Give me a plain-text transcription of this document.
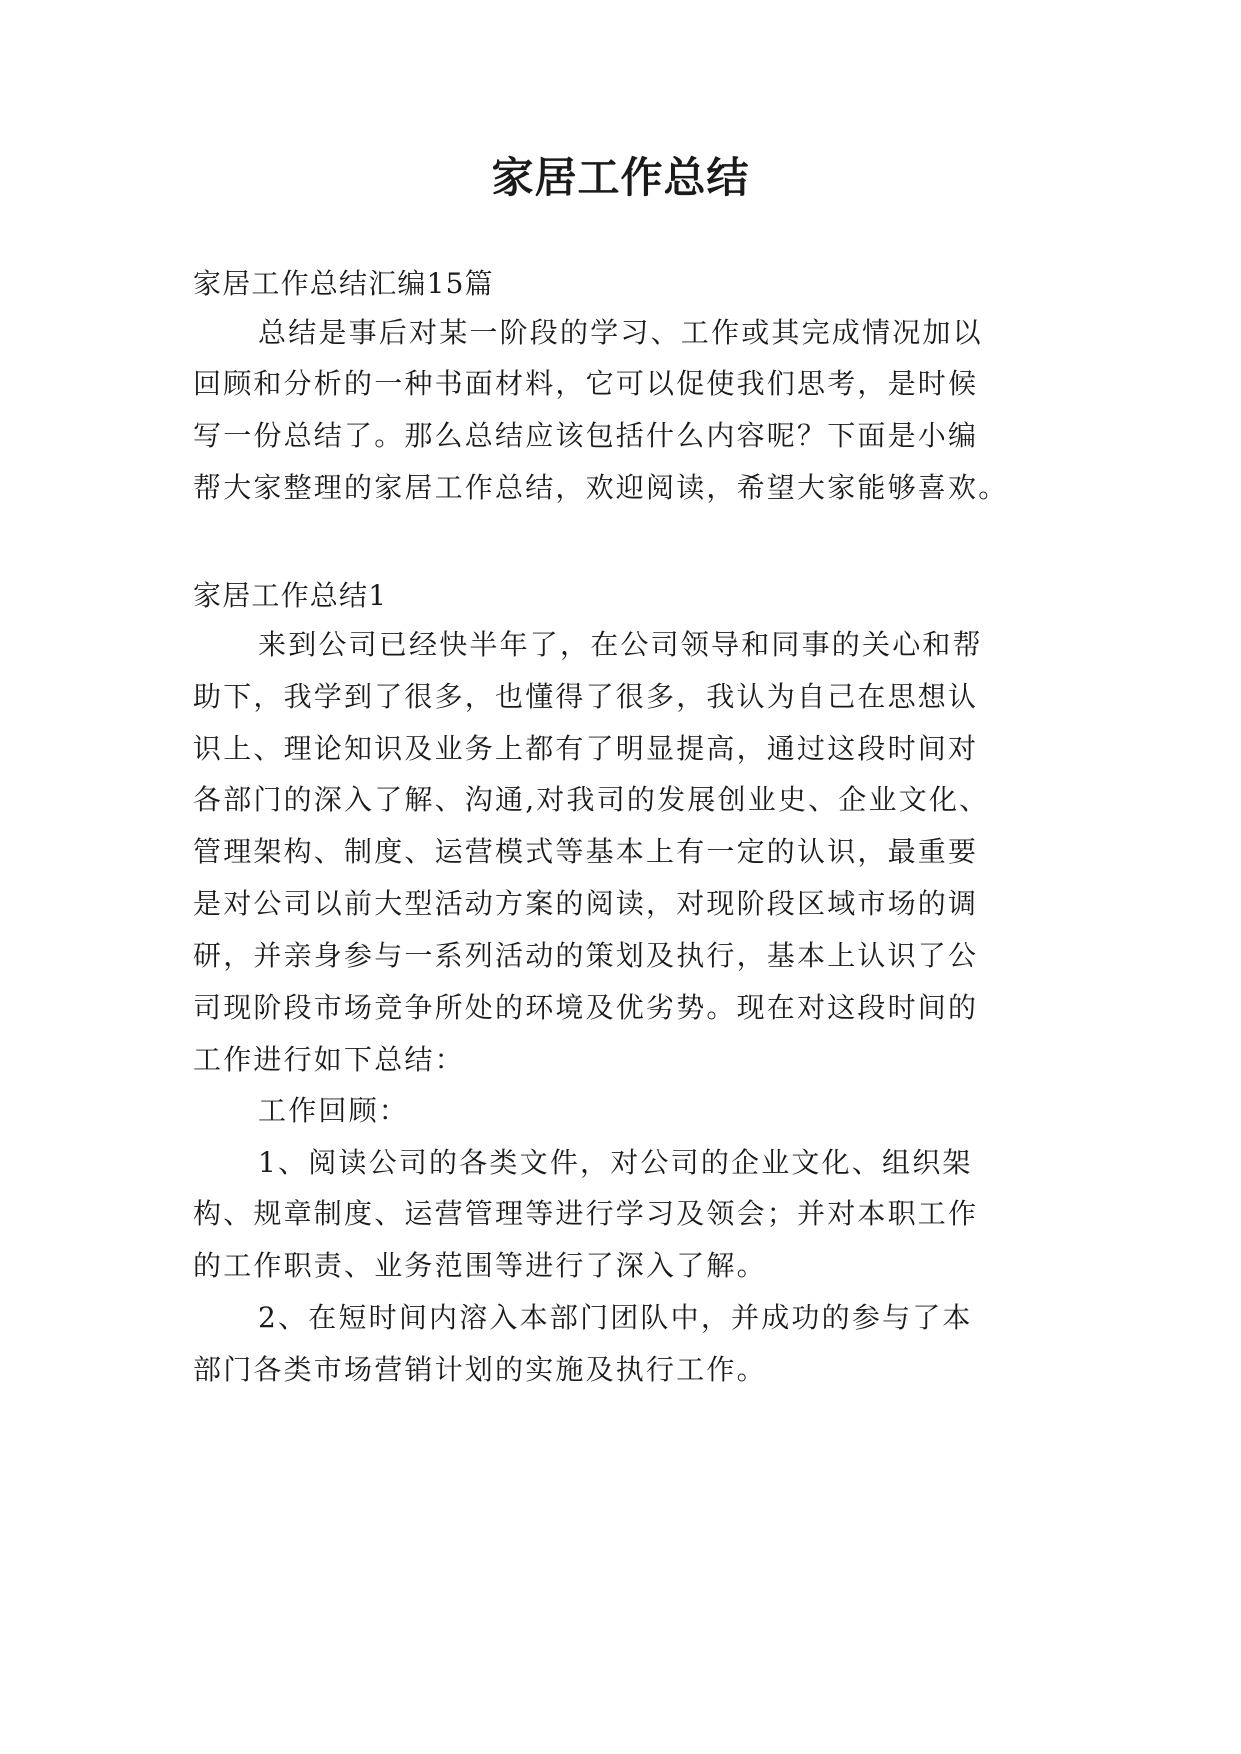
家居工作总结
家居工作总结汇编15篇
总结是事后对某一阶段的学习、工作或其完成情况加以
回顾和分析的一种书面材料，它可以促使我们思考，是时候
写一份总结了。那么总结应该包括什么内容呢？下面是小编
帮大家整理的家居工作总结，欢迎阅读，希望大家能够喜欢。
家居工作总结1
来到公司已经快半年了，在公司领导和同事的关心和帮
助下，我学到了很多，也懂得了很多，我认为自己在思想认
识上、理论知识及业务上都有了明显提高，通过这段时间对
各部门的深入了解、沟通,对我司的发展创业史、企业文化、
管理架构、制度、运营模式等基本上有一定的认识，最重要
是对公司以前大型活动方案的阅读，对现阶段区域市场的调
研，并亲身参与一系列活动的策划及执行，基本上认识了公
司现阶段市场竞争所处的环境及优劣势。现在对这段时间的
工作进行如下总结：
工作回顾：
1、阅读公司的各类文件，对公司的企业文化、组织架
构、规章制度、运营管理等进行学习及领会；并对本职工作
的工作职责、业务范围等进行了深入了解。
2、在短时间内溶入本部门团队中，并成功的参与了本
部门各类市场营销计划的实施及执行工作。
